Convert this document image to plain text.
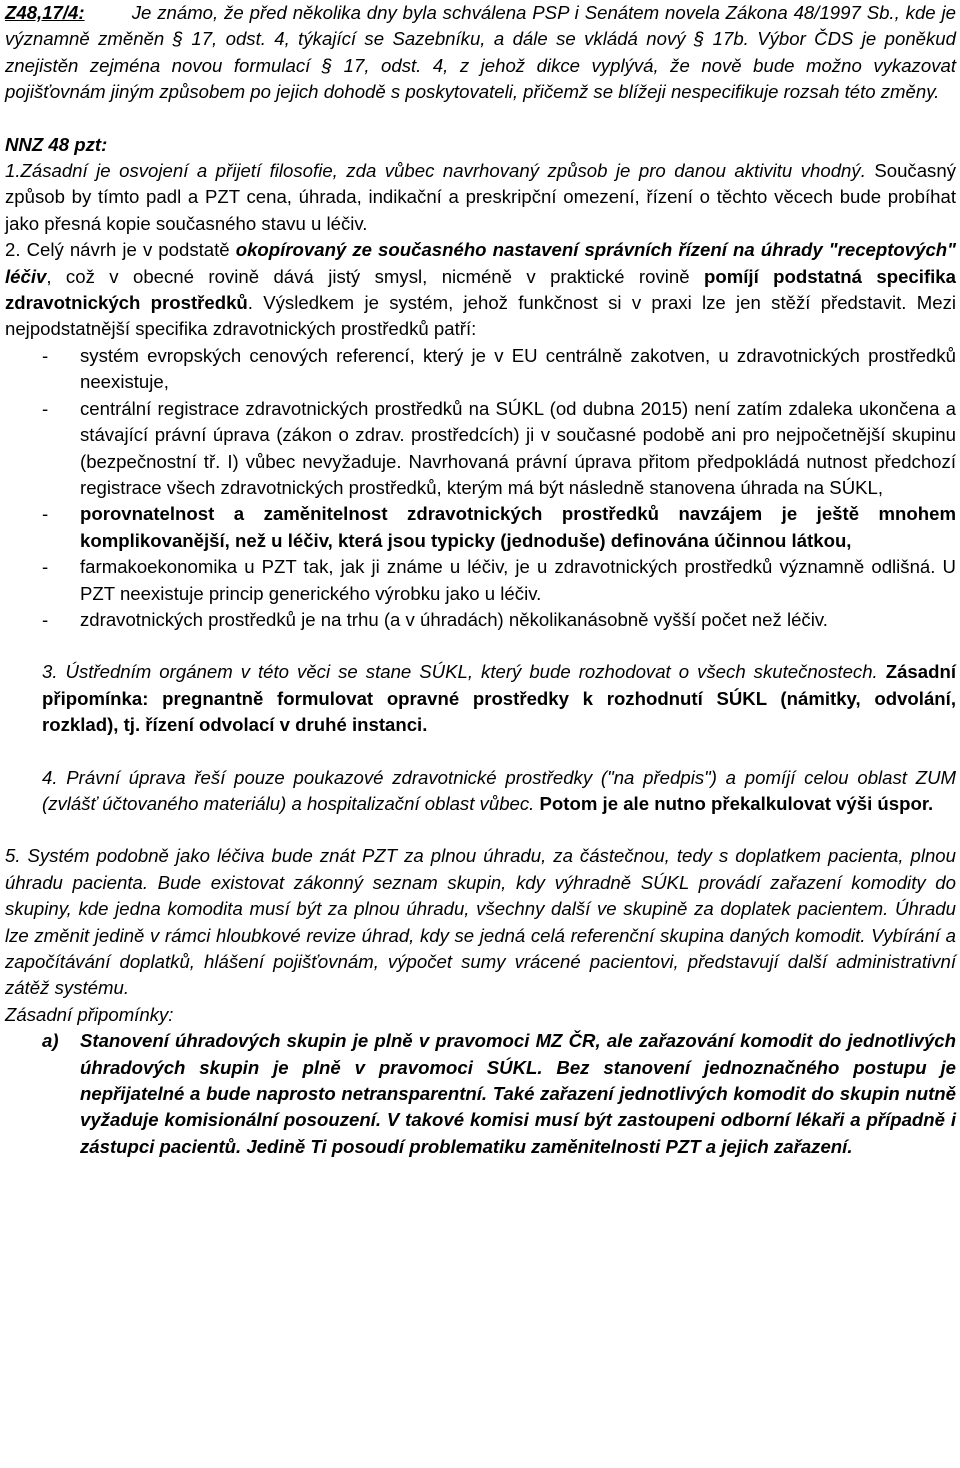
Z48,17/4:	Je známo, že před několika dny byla schválena PSP i Senátem novela Zákona 48/1997 Sb., kde je významně změněn § 17, odst. 4, týkající se Sazebníku, a dále se vkládá nový § 17b. Výbor ČDS je poněkud znejistěn zejména novou formulací § 17, odst. 4, z jehož dikce vyplývá, že nově bude možno vykazovat pojišťovnám jiným způsobem po jejich dohodě s poskytovateli, přičemž se blížeji nespecifikuje rozsah této změny.

NNZ 48 pzt:

1.Zásadní je osvojení a přijetí filosofie, zda vůbec navrhovaný způsob je pro danou aktivitu vhodný. Současný způsob by tímto padl a PZT cena, úhrada, indikační a preskripční omezení, řízení o těchto věcech bude probíhat jako přesná kopie současného stavu u léčiv.

2. Celý návrh je v podstatě okopírovaný ze současného nastavení správních řízení na úhrady "receptových" léčiv, což v obecné rovině dává jistý smysl, nicméně v praktické rovině pomíjí podstatná specifika zdravotnických prostředků. Výsledkem je systém, jehož funkčnost si v praxi lze jen stěží představit. Mezi nejpodstatnější specifika zdravotnických prostředků patří:

-	systém evropských cenových referencí, který je v EU centrálně zakotven, u zdravotnických prostředků neexistuje,
-	centrální registrace zdravotnických prostředků na SÚKL (od dubna 2015) není zatím zdaleka ukončena a stávající právní úprava (zákon o zdrav. prostředcích) ji v současné podobě ani pro nejpočetnější skupinu (bezpečnostní tř. I) vůbec nevyžaduje. Navrhovaná právní úprava přitom předpokládá nutnost předchozí registrace všech zdravotnických prostředků, kterým má být následně stanovena úhrada na SÚKL,
-	porovnatelnost a zaměnitelnost zdravotnických prostředků navzájem je ještě mnohem komplikovanější, než u léčiv, která jsou typicky (jednoduše) definována účinnou látkou,
-	farmakoekonomika u PZT tak, jak ji známe u léčiv, je u zdravotnických prostředků významně odlišná. U PZT neexistuje princip generického výrobku jako u léčiv.
-	zdravotnických prostředků je na trhu (a v úhradách) několikanásobně vyšší počet než léčiv.
3. Ústředním orgánem v této věci se stane SÚKL, který bude rozhodovat o všech skutečnostech. Zásadní připomínka: pregnantně formulovat opravné prostředky k rozhodnutí SÚKL (námitky, odvolání, rozklad), tj. řízení odvolací v druhé instanci.
4. Právní úprava řeší pouze poukazové zdravotnické prostředky ("na předpis") a pomíjí celou oblast ZUM (zvlášť účtovaného materiálu) a hospitalizační oblast vůbec. Potom je ale nutno překalkulovat výši úspor.

5. Systém podobně jako léčiva bude znát PZT za plnou úhradu, za částečnou, tedy s doplatkem pacienta, plnou úhradu pacienta. Bude existovat zákonný seznam skupin, kdy výhradně SÚKL provádí zařazení komodity do skupiny, kde jedna komodita musí být za plnou úhradu, všechny další ve skupině za doplatek pacientem. Úhradu lze změnit jedině v rámci hloubkové revize úhrad, kdy se jedná celá referenční skupina daných komodit. Vybírání a započítávání doplatků, hlášení pojišťovnám, výpočet sumy vrácené pacientovi, představují další administrativní zátěž systému.

Zásadní připomínky:

a)	Stanovení úhradových skupin je plně v pravomoci MZ ČR, ale zařazování komodit do jednotlivých úhradových skupin je plně v pravomoci SÚKL. Bez stanovení jednoznačného postupu je nepřijatelné a bude naprosto netransparentní. Také zařazení jednotlivých komodit do skupin nutně vyžaduje komisionální posouzení. V takové komisi musí být zastoupeni odborní lékaři a případně i zástupci pacientů. Jedině Ti posoudí problematiku zaměnitelnosti PZT a jejich zařazení.
